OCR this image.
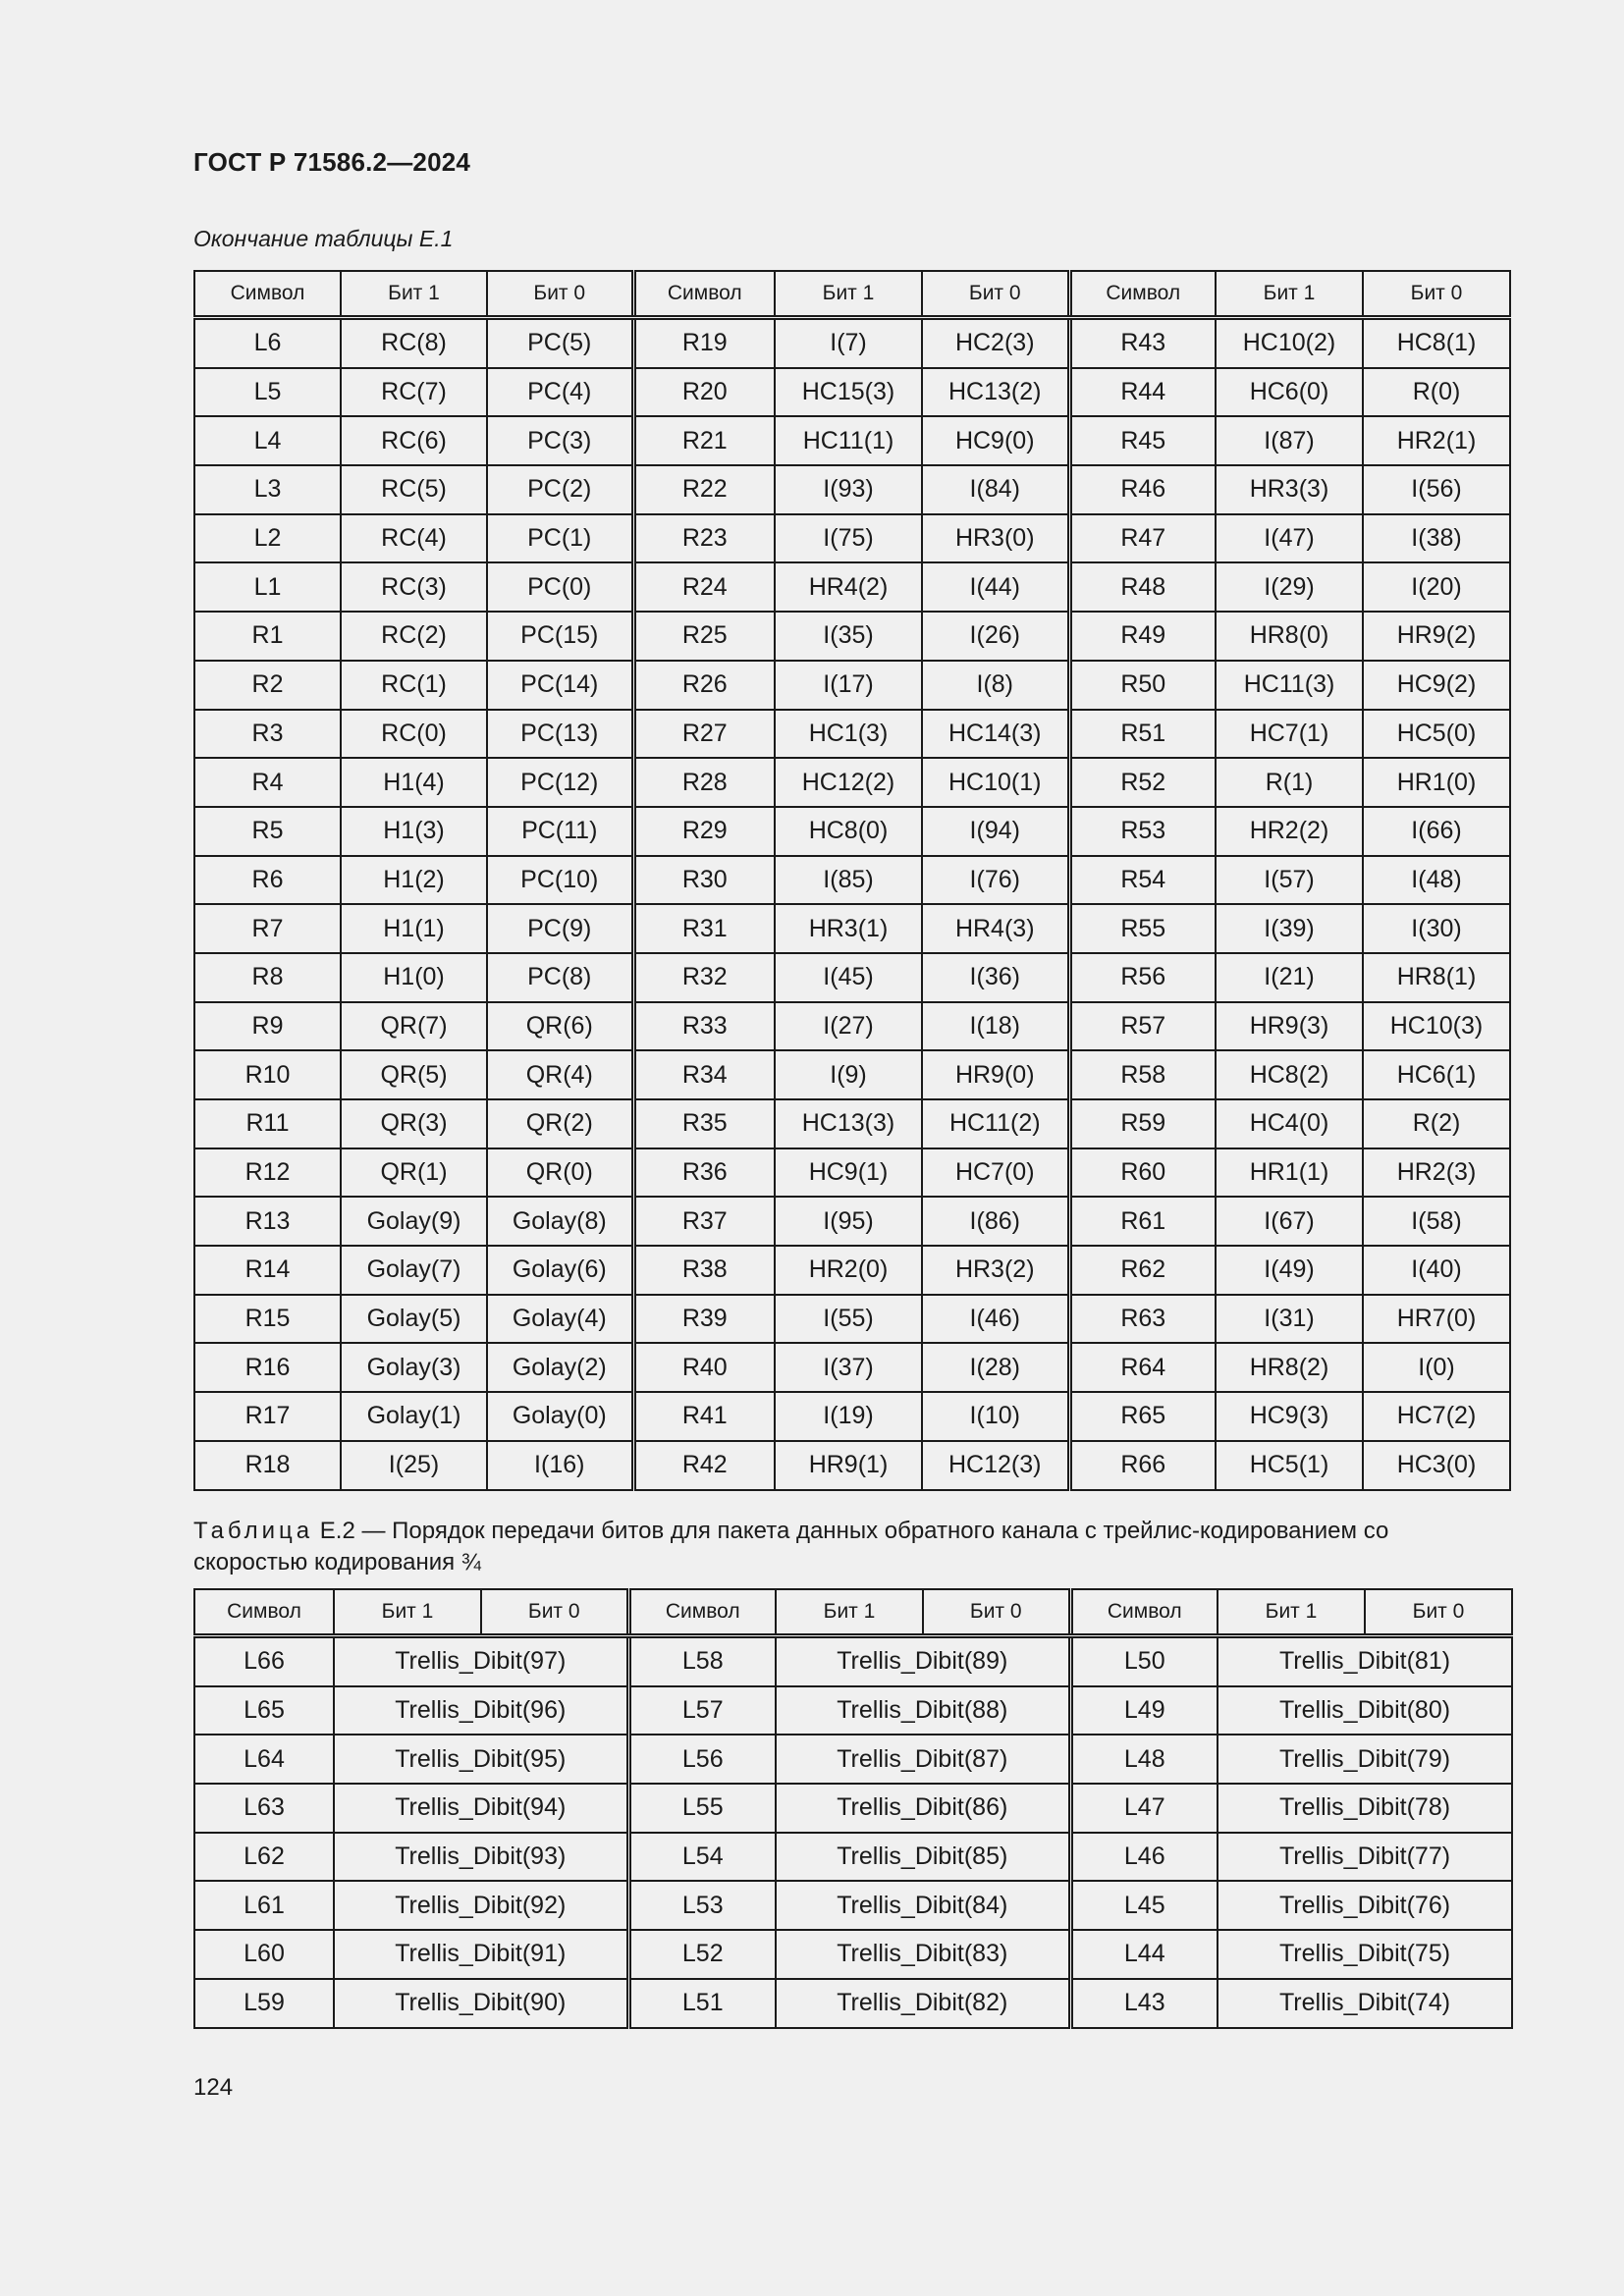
ГОСТ Р 71586.2—2024
Окончание таблицы Е.1
Символ	Бит 1	Бит 0	Символ	Бит 1	Бит 0	Символ	Бит 1	Бит 0
L6	RC(8)	PC(5)	R19	I(7)	HC2(3)	R43	HC10(2)	HC8(1)
L5	RC(7)	PC(4)	R20	HC15(3)	HC13(2)	R44	HC6(0)	R(0)
L4	RC(6)	PC(3)	R21	HC11(1)	HC9(0)	R45	I(87)	HR2(1)
L3	RC(5)	PC(2)	R22	I(93)	I(84)	R46	HR3(3)	I(56)
L2	RC(4)	PC(1)	R23	I(75)	HR3(0)	R47	I(47)	I(38)
L1	RC(3)	PC(0)	R24	HR4(2)	I(44)	R48	I(29)	I(20)
R1	RC(2)	PC(15)	R25	I(35)	I(26)	R49	HR8(0)	HR9(2)
R2	RC(1)	PC(14)	R26	I(17)	I(8)	R50	HC11(3)	HC9(2)
R3	RC(0)	PC(13)	R27	HC1(3)	HC14(3)	R51	HC7(1)	HC5(0)
R4	H1(4)	PC(12)	R28	HC12(2)	HC10(1)	R52	R(1)	HR1(0)
R5	H1(3)	PC(11)	R29	HC8(0)	I(94)	R53	HR2(2)	I(66)
R6	H1(2)	PC(10)	R30	I(85)	I(76)	R54	I(57)	I(48)
R7	H1(1)	PC(9)	R31	HR3(1)	HR4(3)	R55	I(39)	I(30)
R8	H1(0)	PC(8)	R32	I(45)	I(36)	R56	I(21)	HR8(1)
R9	QR(7)	QR(6)	R33	I(27)	I(18)	R57	HR9(3)	HC10(3)
R10	QR(5)	QR(4)	R34	I(9)	HR9(0)	R58	HC8(2)	HC6(1)
R11	QR(3)	QR(2)	R35	HC13(3)	HC11(2)	R59	HC4(0)	R(2)
R12	QR(1)	QR(0)	R36	HC9(1)	HC7(0)	R60	HR1(1)	HR2(3)
R13	Golay(9)	Golay(8)	R37	I(95)	I(86)	R61	I(67)	I(58)
R14	Golay(7)	Golay(6)	R38	HR2(0)	HR3(2)	R62	I(49)	I(40)
R15	Golay(5)	Golay(4)	R39	I(55)	I(46)	R63	I(31)	HR7(0)
R16	Golay(3)	Golay(2)	R40	I(37)	I(28)	R64	HR8(2)	I(0)
R17	Golay(1)	Golay(0)	R41	I(19)	I(10)	R65	HC9(3)	HC7(2)
R18	I(25)	I(16)	R42	HR9(1)	HC12(3)	R66	HC5(1)	HC3(0)
Таблица Е.2 — Порядок передачи битов для пакета данных обратного канала с трейлис-кодированием со скоростью кодирования ¾
Символ	Бит 1	Бит 0	Символ	Бит 1	Бит 0	Символ	Бит 1	Бит 0
L66	Trellis_Dibit(97)		L58	Trellis_Dibit(89)		L50	Trellis_Dibit(81)	
L65	Trellis_Dibit(96)		L57	Trellis_Dibit(88)		L49	Trellis_Dibit(80)	
L64	Trellis_Dibit(95)		L56	Trellis_Dibit(87)		L48	Trellis_Dibit(79)	
L63	Trellis_Dibit(94)		L55	Trellis_Dibit(86)		L47	Trellis_Dibit(78)	
L62	Trellis_Dibit(93)		L54	Trellis_Dibit(85)		L46	Trellis_Dibit(77)	
L61	Trellis_Dibit(92)		L53	Trellis_Dibit(84)		L45	Trellis_Dibit(76)	
L60	Trellis_Dibit(91)		L52	Trellis_Dibit(83)		L44	Trellis_Dibit(75)	
L59	Trellis_Dibit(90)		L51	Trellis_Dibit(82)		L43	Trellis_Dibit(74)	
124
